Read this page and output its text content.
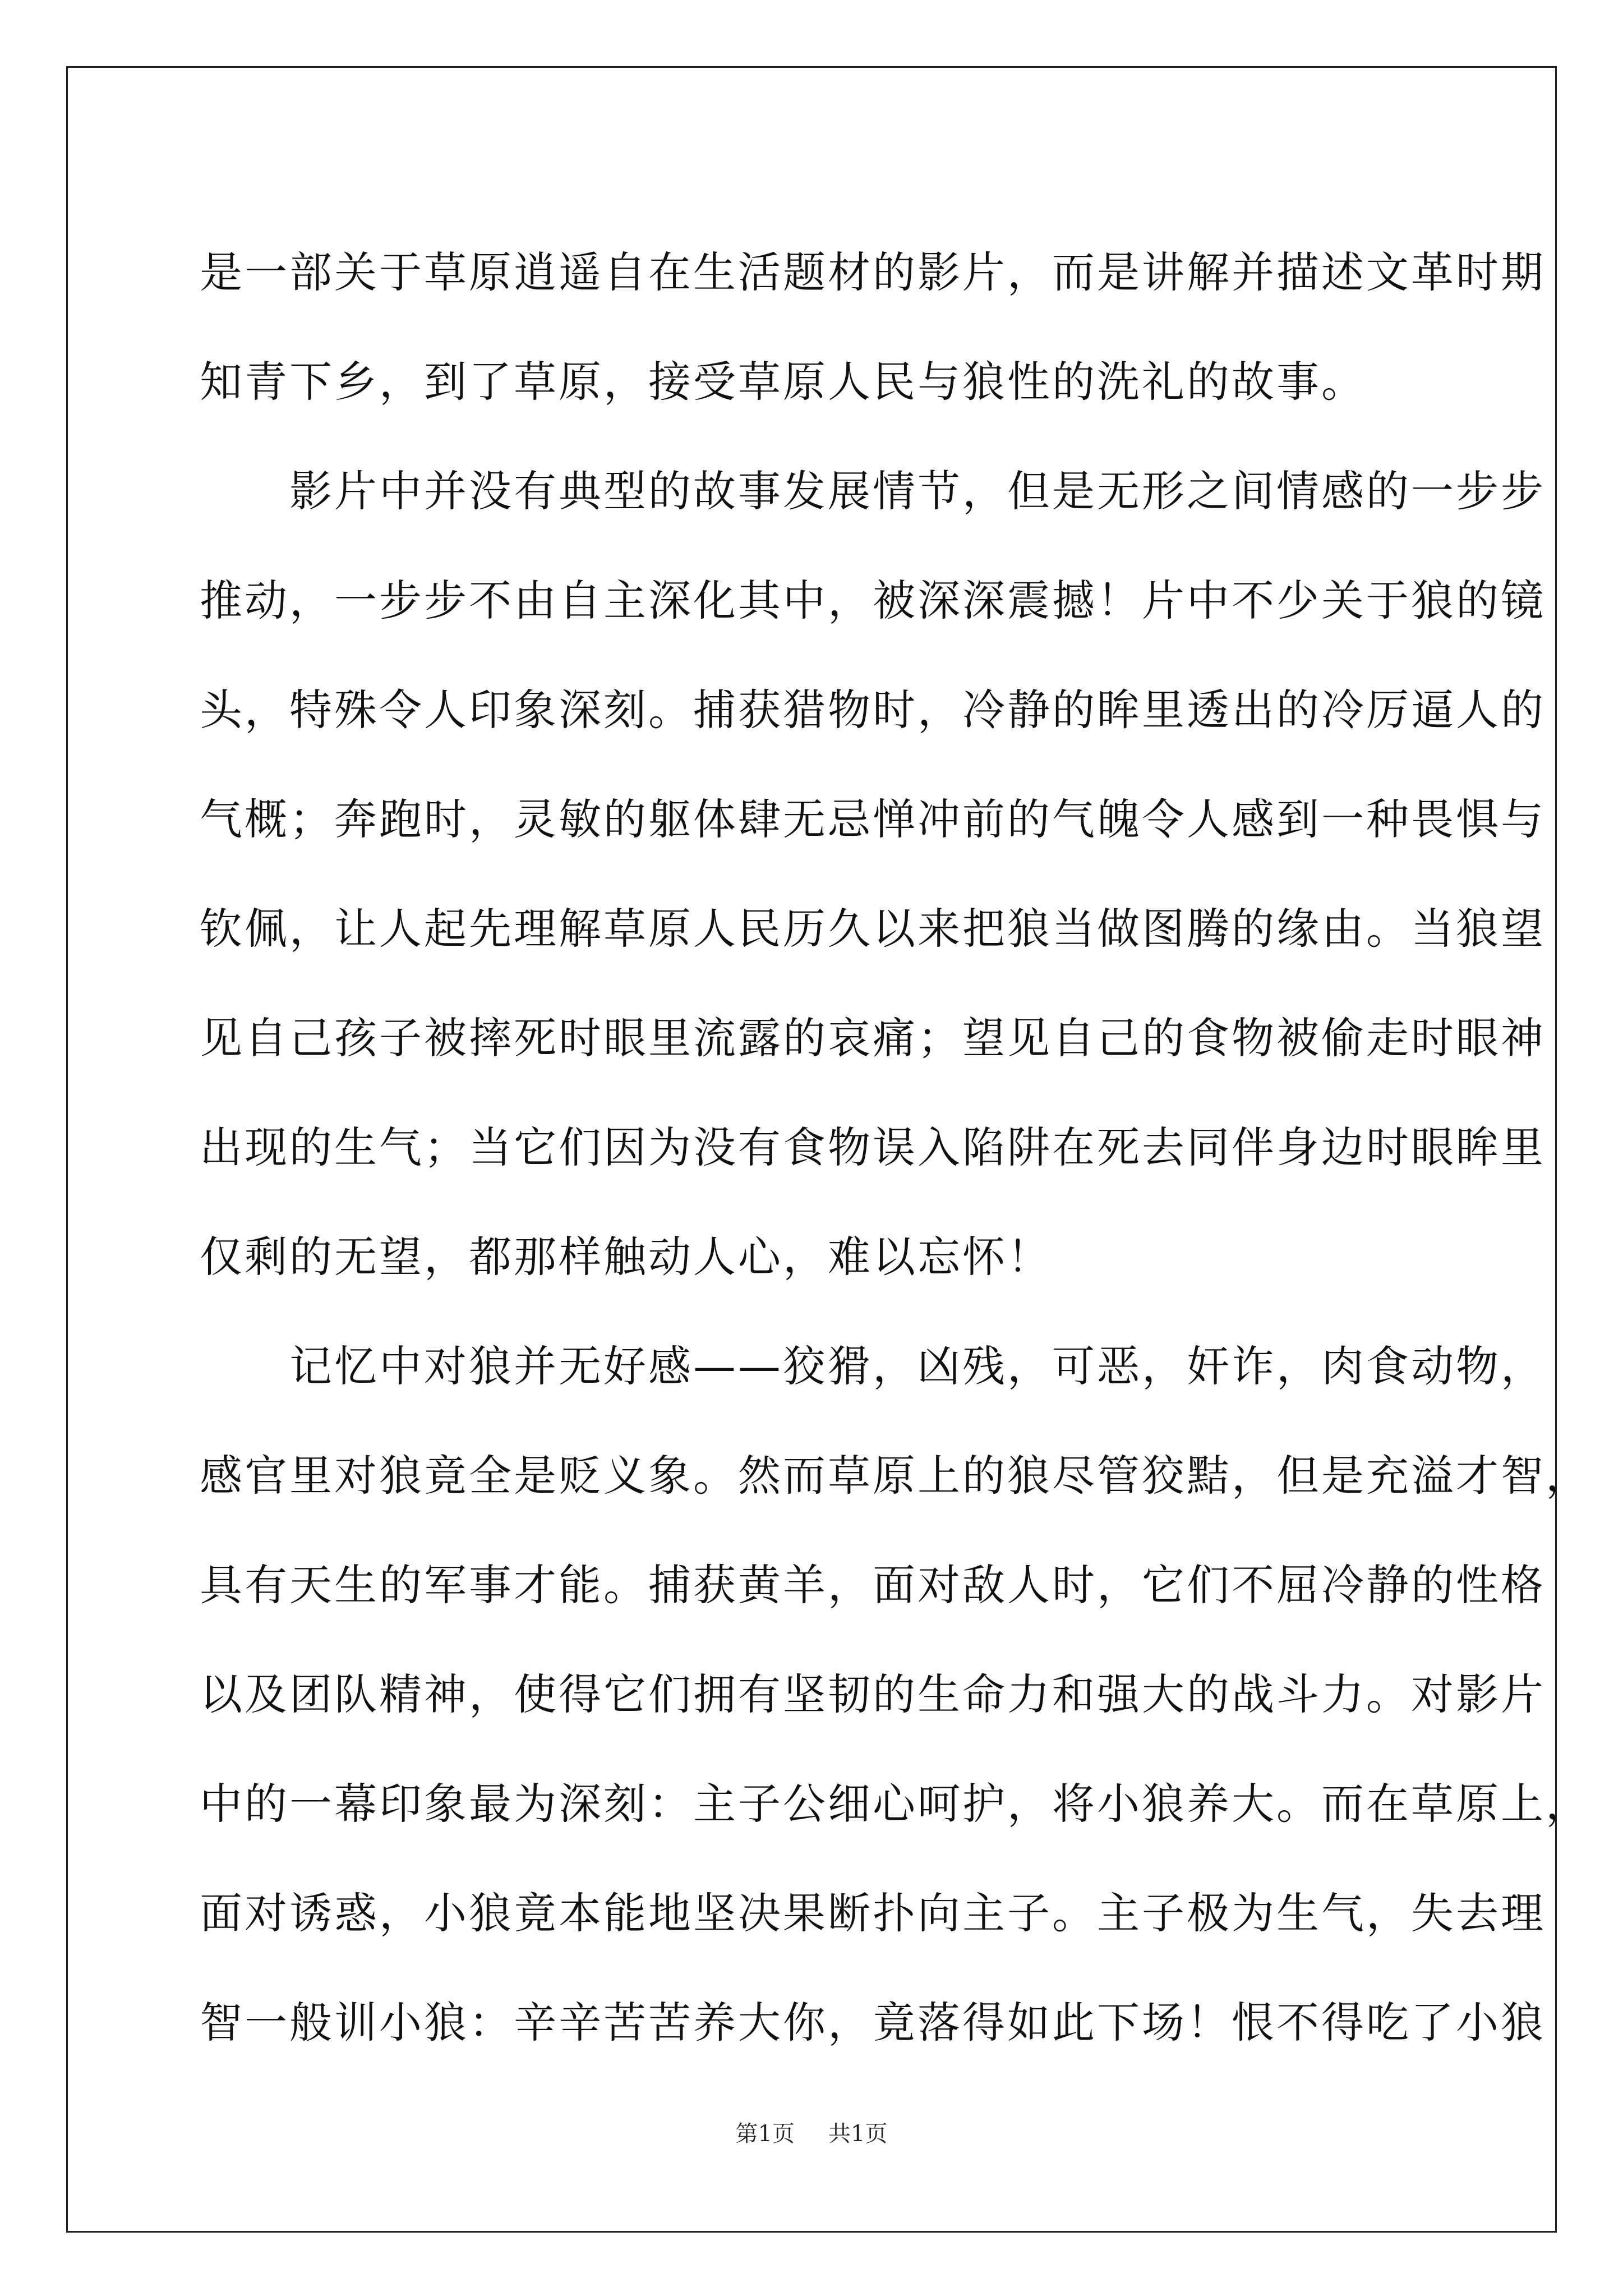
是一部关于草原逍遥自在生活题材的影片，而是讲解并描述文革时期
知青下乡，到了草原，接受草原人民与狼性的洗礼的故事。
　　影片中并没有典型的故事发展情节，但是无形之间情感的一步步
推动，一步步不由自主深化其中，被深深震撼！片中不少关于狼的镜
头，特殊令人印象深刻。捕获猎物时，冷静的眸里透出的冷厉逼人的
气概；奔跑时，灵敏的躯体肆无忌惮冲前的气魄令人感到一种畏惧与
钦佩，让人起先理解草原人民历久以来把狼当做图腾的缘由。当狼望
见自己孩子被摔死时眼里流露的哀痛；望见自己的食物被偷走时眼神
出现的生气；当它们因为没有食物误入陷阱在死去同伴身边时眼眸里
仅剩的无望，都那样触动人心，难以忘怀！
　　记忆中对狼并无好感——狡猾，凶残，可恶，奸诈，肉食动物，
感官里对狼竟全是贬义象。然而草原上的狼尽管狡黠，但是充溢才智，
具有天生的军事才能。捕获黄羊，面对敌人时，它们不屈冷静的性格
以及团队精神，使得它们拥有坚韧的生命力和强大的战斗力。对影片
中的一幕印象最为深刻：主子公细心呵护，将小狼养大。而在草原上，
面对诱惑，小狼竟本能地坚决果断扑向主子。主子极为生气，失去理
智一般训小狼：辛辛苦苦养大你，竟落得如此下场！恨不得吃了小狼
第1页 共1页
